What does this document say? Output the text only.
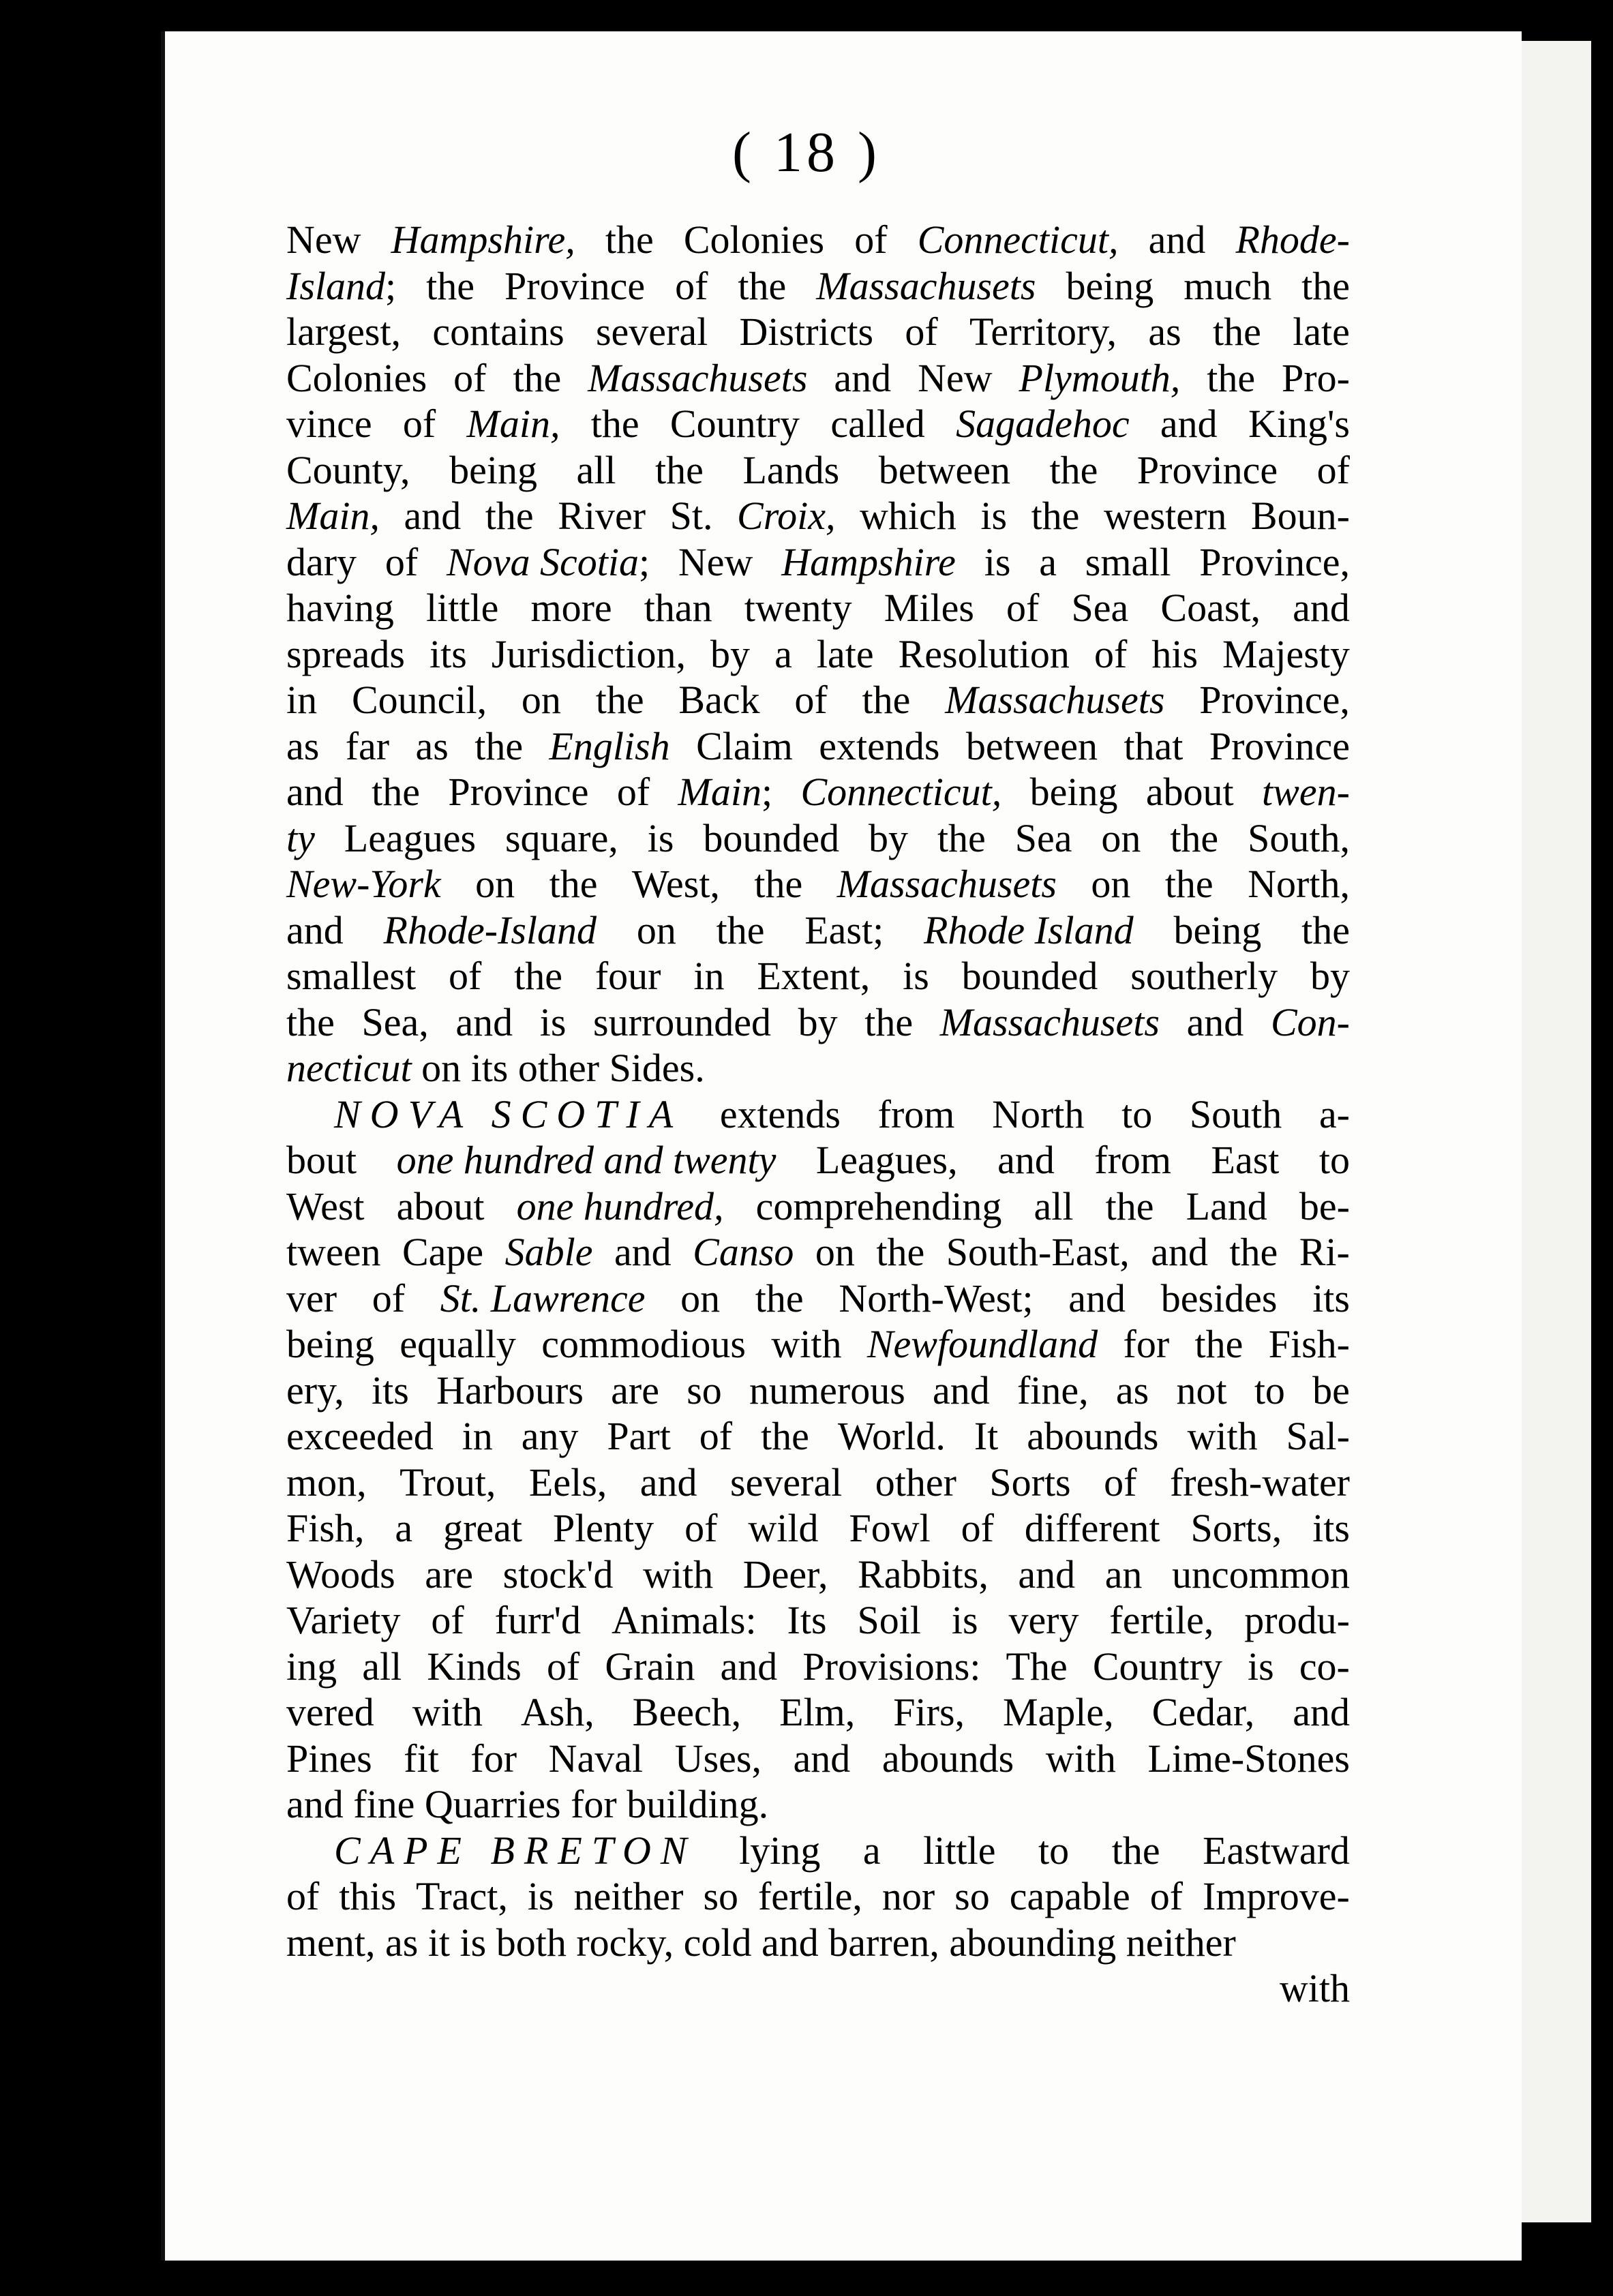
( 18 )
New Hampshire, the Colonies of Connecticut, and Rhode-
Island; the Province of the Massachusets being much the
largest, contains several Districts of Territory, as the late
Colonies of the Massachusets and New Plymouth, the Pro-
vince of Main, the Country called Sagadehoc and King's
County, being all the Lands between the Province of
Main, and the River St. Croix, which is the western Boun-
dary of Nova Scotia; New Hampshire is a small Province,
having little more than twenty Miles of Sea Coast, and
spreads its Jurisdiction, by a late Resolution of his Majesty
in Council, on the Back of the Massachusets Province,
as far as the English Claim extends between that Province
and the Province of Main; Connecticut, being about twen-
ty Leagues square, is bounded by the Sea on the South,
New-York on the West, the Massachusets on the North,
and Rhode-Island on the East; Rhode Island being the
smallest of the four in Extent, is bounded southerly by
the Sea, and is surrounded by the Massachusets and Con-
necticut
on
its
other
Sides.
NOVA SCOTIA extends from North to South a-
bout one hundred and twenty Leagues, and from East to
West about one hundred, comprehending all the Land be-
tween Cape Sable and Canso on the South-East, and the Ri-
ver of St. Lawrence on the North-West; and besides its
being equally commodious with Newfoundland for the Fish-
ery, its Harbours are so numerous and fine, as not to be
exceeded in any Part of the World. It abounds with Sal-
mon, Trout, Eels, and several other Sorts of fresh-water
Fish, a great Plenty of wild Fowl of different Sorts, its
Woods are stock'd with Deer, Rabbits, and an uncommon
Variety of furr'd Animals: Its Soil is very fertile, produ-
ing all Kinds of Grain and Provisions: The Country is co-
vered with Ash, Beech, Elm, Firs, Maple, Cedar, and
Pines fit for Naval Uses, and abounds with Lime-Stones
and
fine
Quarries
for
building.
CAPE BRETON lying a little to the Eastward
of this Tract, is neither so fertile, nor so capable of Improve-
ment,
as
it
is
both
rocky,
cold
and
barren,
abounding
neither
with
